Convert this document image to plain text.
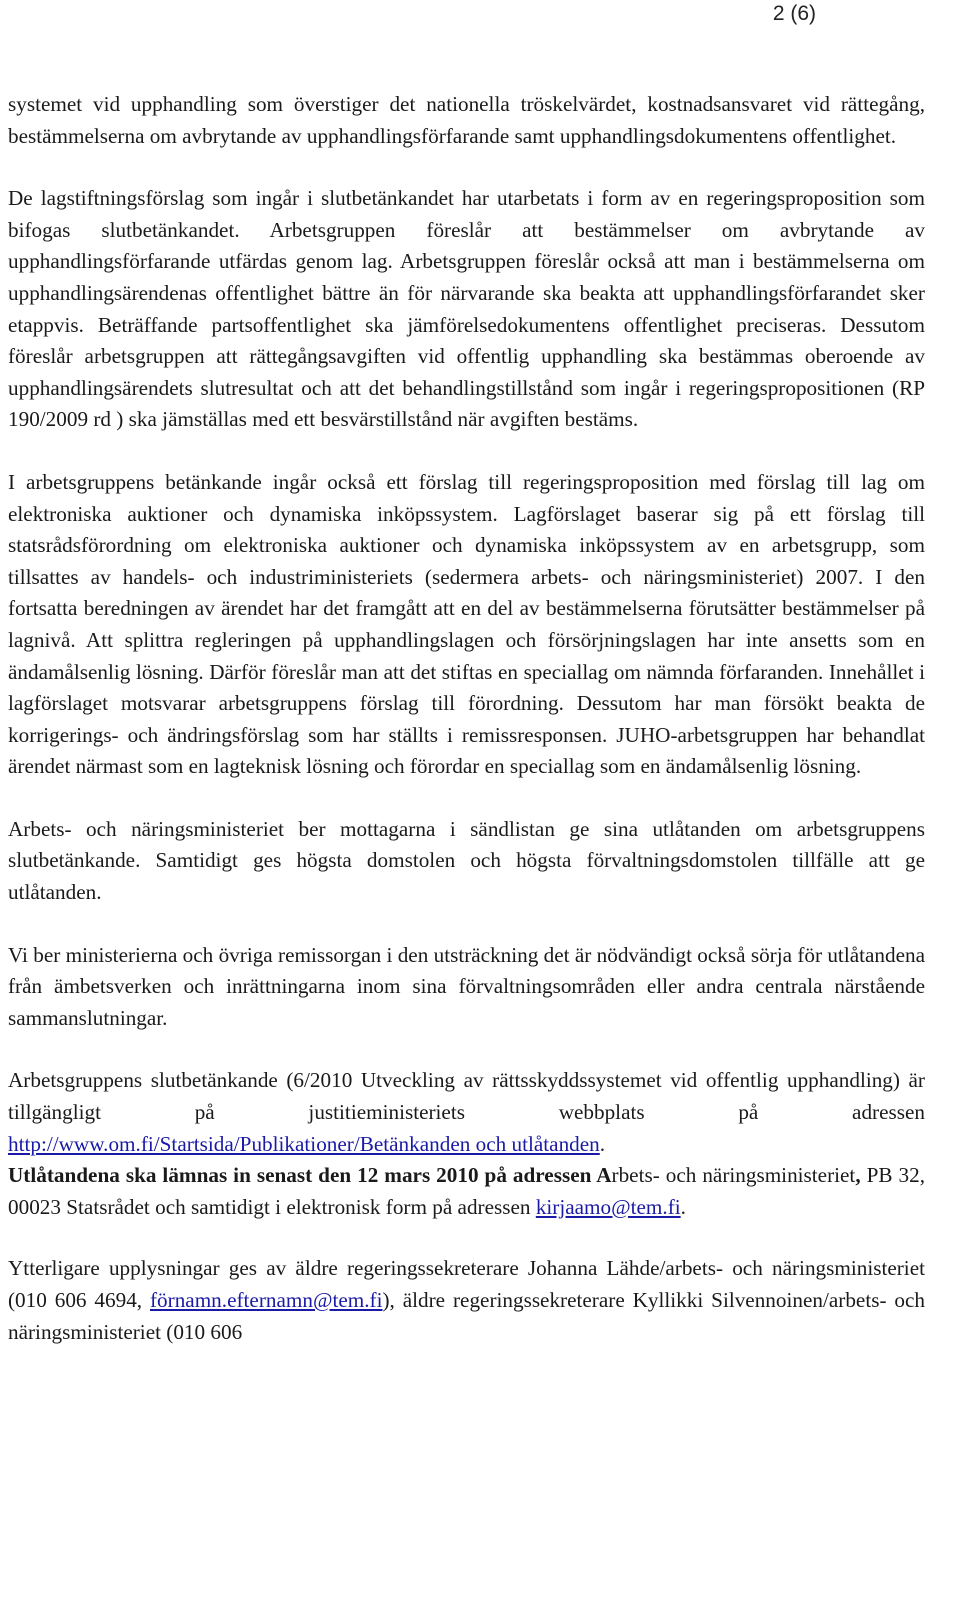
2 (6)

systemet vid upphandling som överstiger det nationella tröskelvärdet, kostnadsansvaret vid rättegång, bestämmelserna om avbrytande av upphandlingsförfarande samt upphandlingsdokumentens offentlighet.

De lagstiftningsförslag som ingår i slutbetänkandet har utarbetats i form av en regeringsproposition som bifogas slutbetänkandet. Arbetsgruppen föreslår att bestämmelser om avbrytande av upphandlingsförfarande utfärdas genom lag. Arbetsgruppen föreslår också att man i bestämmelserna om upphandlingsärendenas offentlighet bättre än för närvarande ska beakta att upphandlingsförfarandet sker etappvis. Beträffande partsoffentlighet ska jämförelsedokumentens offentlighet preciseras. Dessutom föreslår arbetsgruppen att rättegångsavgiften vid offentlig upphandling ska bestämmas oberoende av upphandlingsärendets slutresultat och att det behandlingstillstånd som ingår i regeringspropositionen (RP 190/2009 rd ) ska jämställas med ett besvärstillstånd när avgiften bestäms.

I arbetsgruppens betänkande ingår också ett förslag till regeringsproposition med förslag till lag om elektroniska auktioner och dynamiska inköpssystem. Lagförslaget baserar sig på ett förslag till statsrådsförordning om elektroniska auktioner och dynamiska inköpssystem av en arbetsgrupp, som tillsattes av handels- och industriministeriets (sedermera arbets- och näringsministeriet) 2007. I den fortsatta beredningen av ärendet har det framgått att en del av bestämmelserna förutsätter bestämmelser på lagnivå. Att splittra regleringen på upphandlingslagen och försörjningslagen har inte ansetts som en ändamålsenlig lösning. Därför föreslår man att det stiftas en speciallag om nämnda förfaranden. Innehållet i lagförslaget motsvarar arbetsgruppens förslag till förordning. Dessutom har man försökt beakta de korrigerings- och ändringsförslag som har ställts i remissresponsen. JUHO-arbetsgruppen har behandlat ärendet närmast som en lagteknisk lösning och förordar en speciallag som en ändamålsenlig lösning.

Arbets- och näringsministeriet ber mottagarna i sändlistan ge sina utlåtanden om arbetsgruppens slutbetänkande. Samtidigt ges högsta domstolen och högsta förvaltningsdomstolen tillfälle att ge utlåtanden.

Vi ber ministerierna och övriga remissorgan i den utsträckning det är nödvändigt också sörja för utlåtandena från ämbetsverken och inrättningarna inom sina förvaltningsområden eller andra centrala närstående sammanslutningar.

Arbetsgruppens slutbetänkande (6/2010 Utveckling av rättsskyddssystemet vid offentlig upphandling) är tillgängligt på justitieministeriets webbplats på adressen http://www.om.fi/Startsida/Publikationer/Betänkanden och utlåtanden.

Utlåtandena ska lämnas in senast den 12 mars 2010 på adressen Arbets- och näringsministeriet, PB 32, 00023 Statsrådet och samtidigt i elektronisk form på adressen kirjaamo@tem.fi.

Ytterligare upplysningar ges av äldre regeringssekreterare Johanna Lähde/arbets- och näringsministeriet (010 606 4694, förnamn.efternamn@tem.fi), äldre regeringssekreterare Kyllikki Silvennoinen/arbets- och näringsministeriet (010 606
